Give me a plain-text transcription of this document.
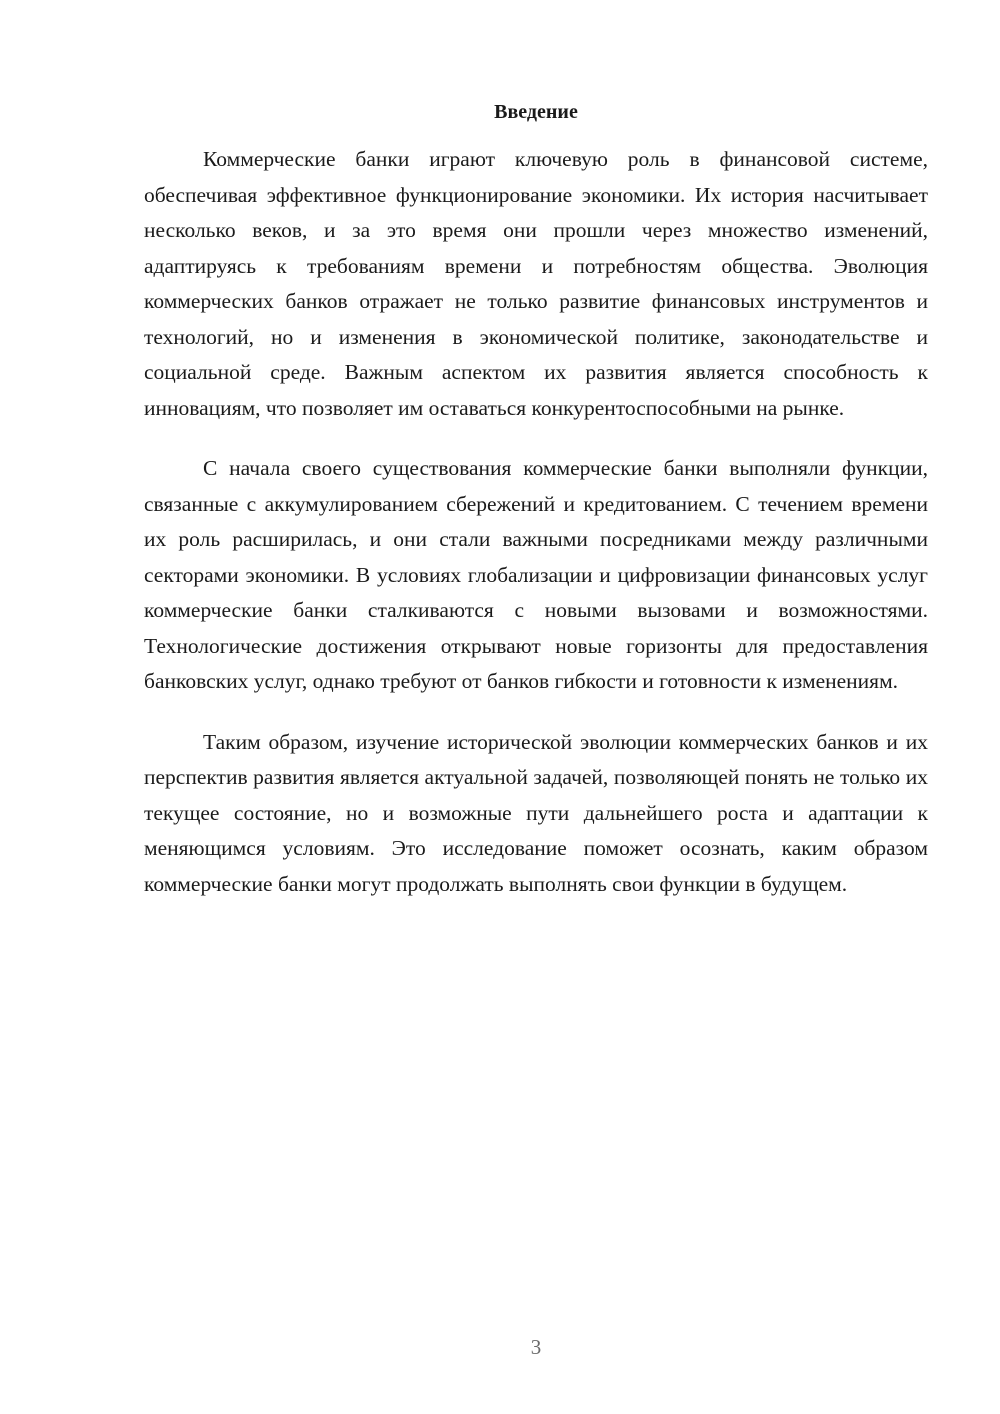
Введение

Коммерческие банки играют ключевую роль в финансовой системе, обеспечивая эффективное функционирование экономики. Их история насчитывает несколько веков, и за это время они прошли через множество изменений, адаптируясь к требованиям времени и потребностям общества. Эволюция коммерческих банков отражает не только развитие финансовых инструментов и технологий, но и изменения в экономической политике, законодательстве и социальной среде. Важным аспектом их развития является способность к инновациям, что позволяет им оставаться конкурентоспособными на рынке.

С начала своего существования коммерческие банки выполняли функции, связанные с аккумулированием сбережений и кредитованием. С течением времени их роль расширилась, и они стали важными посредниками между различными секторами экономики. В условиях глобализации и цифровизации финансовых услуг коммерческие банки сталкиваются с новыми вызовами и возможностями. Технологические достижения открывают новые горизонты для предоставления банковских услуг, однако требуют от банков гибкости и готовности к изменениям.

Таким образом, изучение исторической эволюции коммерческих банков и их перспектив развития является актуальной задачей, позволяющей понять не только их текущее состояние, но и возможные пути дальнейшего роста и адаптации к меняющимся условиям. Это исследование поможет осознать, каким образом коммерческие банки могут продолжать выполнять свои функции в будущем.

3
